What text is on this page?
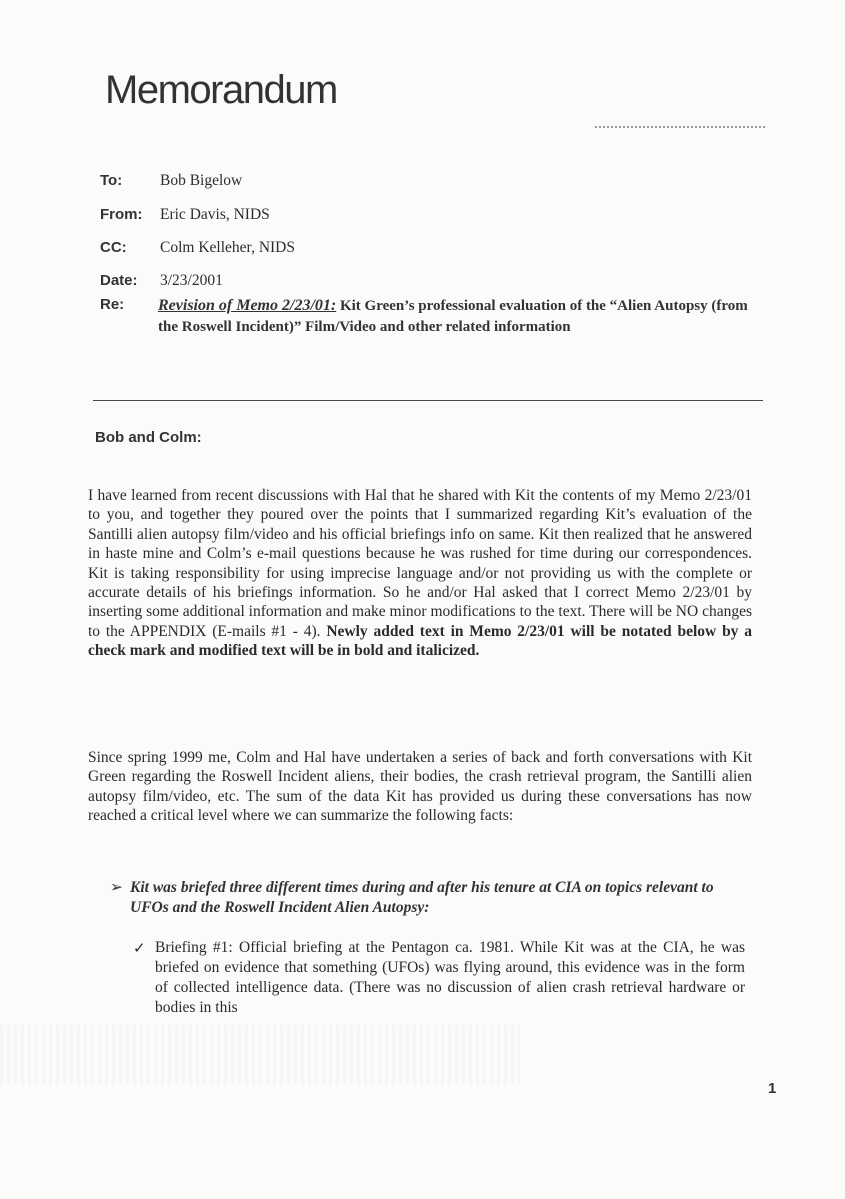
Memorandum
To: Bob Bigelow
From: Eric Davis, NIDS
CC: Colm Kelleher, NIDS
Date: 3/23/2001
Re: Revision of Memo 2/23/01: Kit Green’s professional evaluation of the “Alien Autopsy (from the Roswell Incident)” Film/Video and other related information
Bob and Colm:
I have learned from recent discussions with Hal that he shared with Kit the contents of my Memo 2/23/01 to you, and together they poured over the points that I summarized regarding Kit’s evaluation of the Santilli alien autopsy film/video and his official briefings info on same. Kit then realized that he answered in haste mine and Colm’s e-mail questions because he was rushed for time during our correspondences. Kit is taking responsibility for using imprecise language and/or not providing us with the complete or accurate details of his briefings information. So he and/or Hal asked that I correct Memo 2/23/01 by inserting some additional information and make minor modifications to the text. There will be NO changes to the APPENDIX (E-mails #1 - 4). Newly added text in Memo 2/23/01 will be notated below by a check mark and modified text will be in bold and italicized.
Since spring 1999 me, Colm and Hal have undertaken a series of back and forth conversations with Kit Green regarding the Roswell Incident aliens, their bodies, the crash retrieval program, the Santilli alien autopsy film/video, etc. The sum of the data Kit has provided us during these conversations has now reached a critical level where we can summarize the following facts:
➢ Kit was briefed three different times during and after his tenure at CIA on topics relevant to UFOs and the Roswell Incident Alien Autopsy:
✓ Briefing #1: Official briefing at the Pentagon ca. 1981. While Kit was at the CIA, he was briefed on evidence that something (UFOs) was flying around, this evidence was in the form of collected intelligence data. (There was no discussion of alien crash retrieval hardware or bodies in this
1
